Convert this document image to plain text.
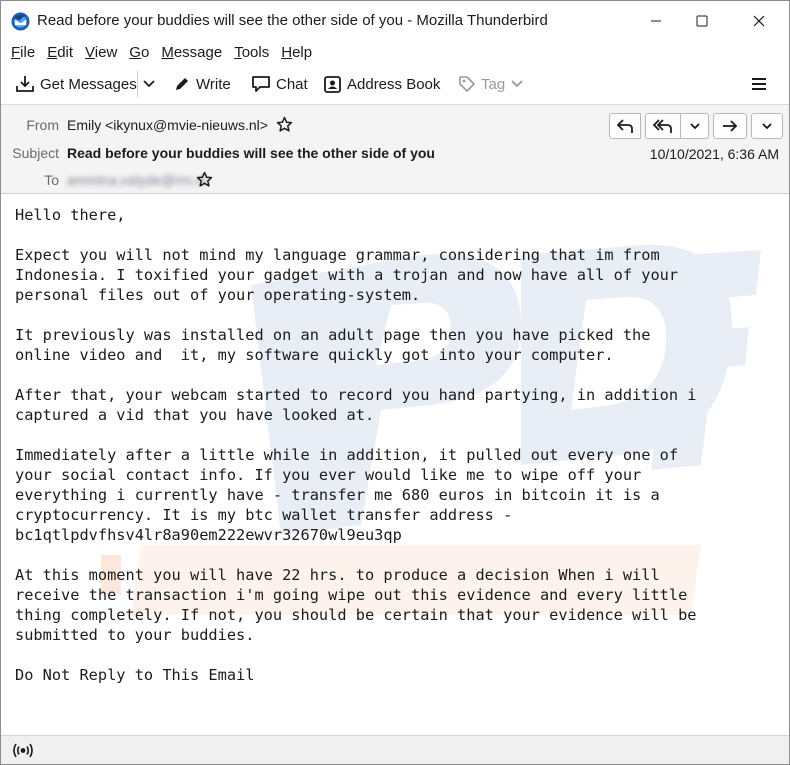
Read before your buddies will see the other side of you - Mozilla Thunderbird
File Edit View Go Message Tools Help
Get Messages	Write	Chat	Address Book	Tag
From Emily <ikynux@mvie-nieuws.nl>
Subject Read before your buddies will see the other side of you	10/10/2021, 6:36 AM
To ammina.valyde@rm.nl
Hello there,

Expect you will not mind my language grammar, considering that im from
Indonesia. I toxified your gadget with a trojan and now have all of your
personal files out of your operating-system.

It previously was installed on an adult page then you have picked the
online video and  it, my software quickly got into your computer.

After that, your webcam started to record you hand partying, in addition i
captured a vid that you have looked at.

Immediately after a little while in addition, it pulled out every one of
your social contact info. If you ever would like me to wipe off your
everything i currently have - transfer me 680 euros in bitcoin it is a
cryptocurrency. It is my btc wallet transfer address -
bc1qtlpdvfhsv4lr8a90em222ewvr32670wl9eu3qp

At this moment you will have 22 hrs. to produce a decision When i will
receive the transaction i'm going wipe out this evidence and every little
thing completely. If not, you should be certain that your evidence will be
submitted to your buddies.

Do Not Reply to This Email
